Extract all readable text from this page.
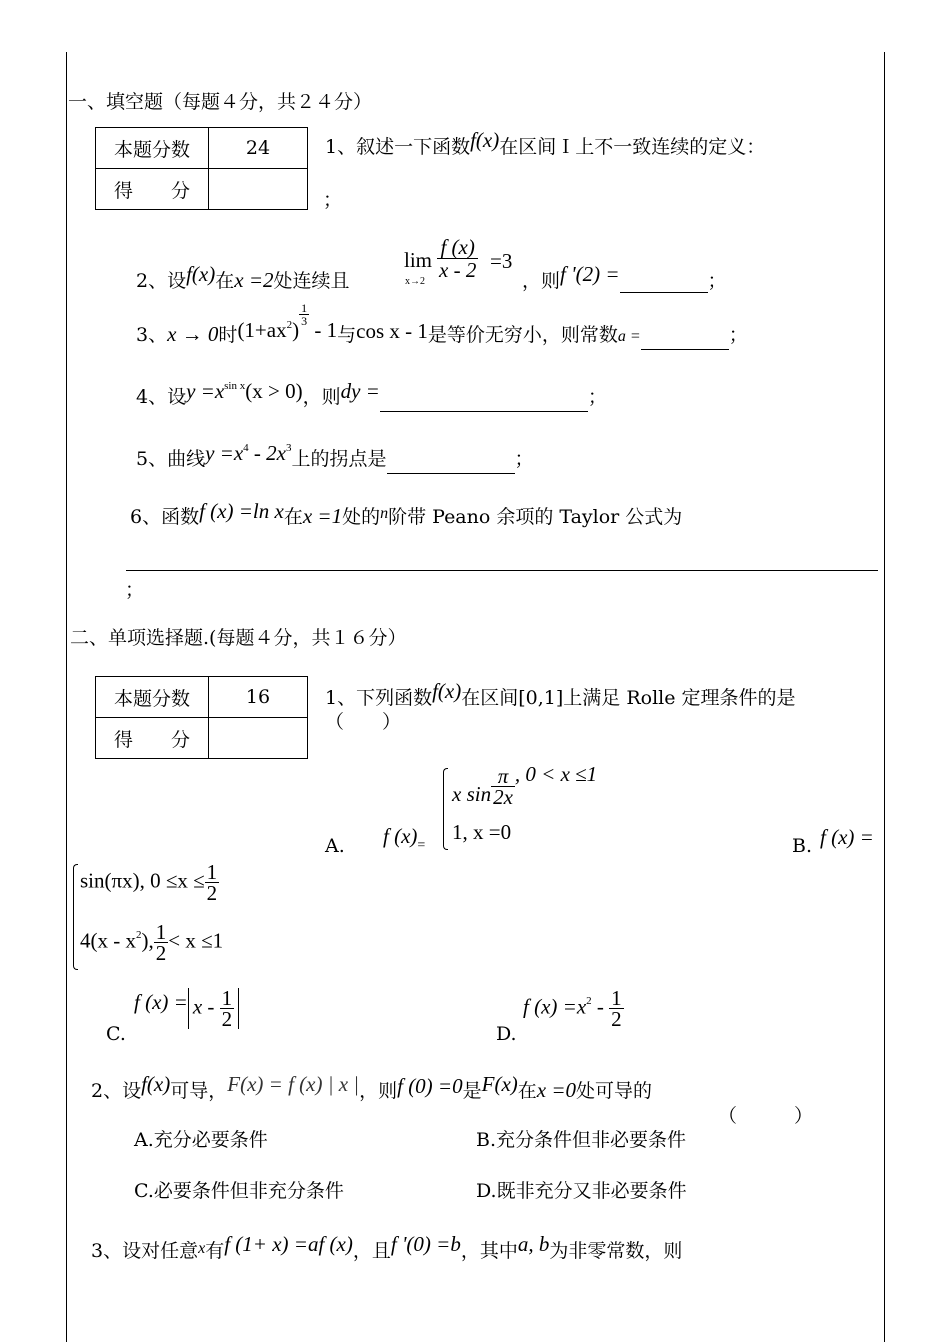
一、填空题（每题４分，共２４分）
本题分数	24
得　　分	
1、叙述一下函数f(x)在区间Ｉ上不一致连续的定义：
；
2、设f(x)在x =2处连续且
lim
x→2
$\frac{f (x)}{x - 2} =3$
，则f '(2) =	；
3、x → 0时$(1+ax^2)$
$\frac{1}{3}$
- 1与cos x - 1是等价无穷小，则常数a =	；
4、设$y =x^{sin x}(x > 0)$，则dy =	；
5、曲线$y =x^4 - 2x^3$上的拐点是	；
6、函数f (x) =ln x在x =1处的$^n$阶带 Peano 余项的 Taylor 公式为
；
二、单项选择题.(每题４分，共１６分）
本题分数	16
得　　分	
1、下列函数f(x)在区间[0,1]上满足 Rolle 定理条件的是
（　　）
A. f $(x)_=$
x $\sin \frac{\pi}{2x}$ , 0 < x ≤1
1, x =0
B. f (x) =
sin(πx), $0 \le x \le \frac{1}{2}$
$4(x - x^2)$, $\frac{1}{2} < x \le 1$
C.
f $(x) = x - \frac{1}{2}$
D.
f $(x) =x^2 - \frac{1}{2}$
2、设f(x)可导，F(x) = f (x) | x |，则f (0) =0是F(x)在x =0处可导的
（　　　）
A.充分必要条件	B.充分条件但非必要条件
C.必要条件但非充分条件	D.既非充分又非必要条件
3、设对任意$^x$有f (1+ x) =af (x)，且f '(0) =b，其中a, b为非零常数，则
